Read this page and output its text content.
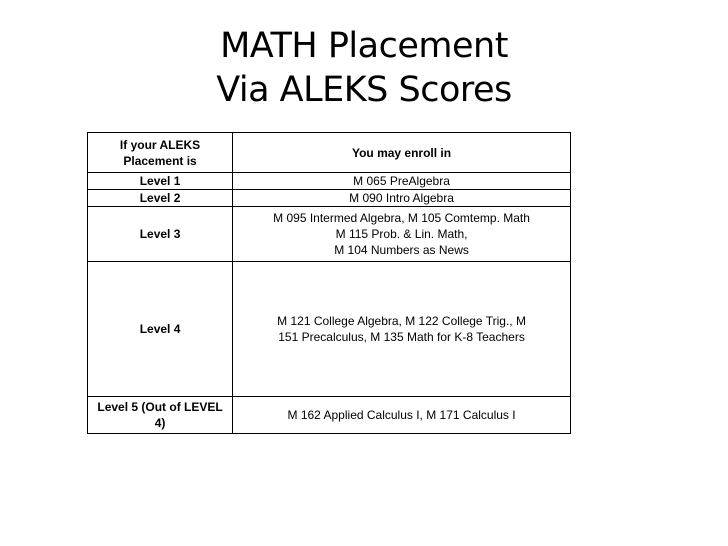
MATH Placement
Via ALEKS Scores
If your ALEKS Placement is	You may enroll in
Level 1	M 065 PreAlgebra

Level 2	M 090 Intro Algebra

Level 3	M 095 Intermed Algebra, M 105 Comtemp. Math
M 115 Prob. & Lin. Math,
M 104 Numbers as News

Level 4	M 121 College Algebra, M 122 College Trig., M
151 Precalculus, M 135 Math for K-8 Teachers

Level 5 (Out of LEVEL 4)	M 162 Applied Calculus I, M 171 Calculus I
